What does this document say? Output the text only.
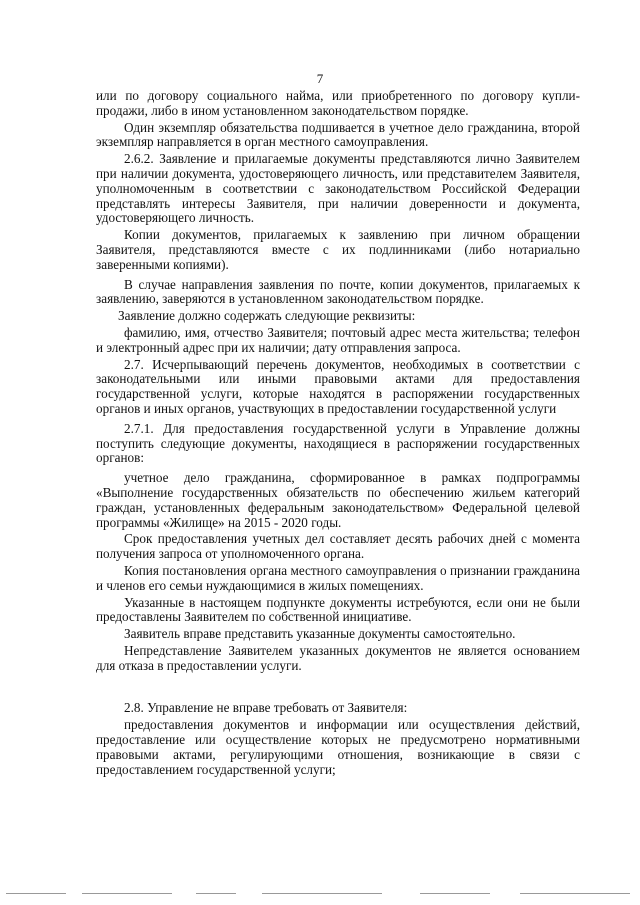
7

или по договору социального найма, или приобретенного по договору купли-продажи, либо в ином установленном законодательством порядке.

Один экземпляр обязательства подшивается в учетное дело гражданина, второй экземпляр направляется в орган местного самоуправления.

2.6.2. Заявление и прилагаемые документы представляются лично Заявителем при наличии документа, удостоверяющего личность, или представителем Заявителя, уполномоченным в соответствии с законодательством Российской Федерации представлять интересы Заявителя, при наличии доверенности и документа, удостоверяющего личность.

Копии документов, прилагаемых к заявлению при личном обращении Заявителя, представляются вместе с их подлинниками (либо нотариально заверенными копиями).

В случае направления заявления по почте, копии документов, прилагаемых к заявлению, заверяются в установленном законодательством порядке.

Заявление должно содержать следующие реквизиты:

фамилию, имя, отчество Заявителя; почтовый адрес места жительства; телефон и электронный адрес при их наличии; дату отправления запроса.

2.7. Исчерпывающий перечень документов, необходимых в соответствии с законодательными или иными правовыми актами для предоставления государственной услуги, которые находятся в распоряжении государственных органов и иных органов, участвующих в предоставлении государственной услуги

2.7.1. Для предоставления государственной услуги в Управление должны поступить следующие документы, находящиеся в распоряжении государственных органов:

учетное дело гражданина, сформированное в рамках подпрограммы «Выполнение государственных обязательств по обеспечению жильем категорий граждан, установленных федеральным законодательством» Федеральной целевой программы «Жилище» на 2015 - 2020 годы.

Срок предоставления учетных дел составляет десять рабочих дней с момента получения запроса от уполномоченного органа.

Копия постановления органа местного самоуправления о признании гражданина и членов его семьи нуждающимися в жилых помещениях.

Указанные в настоящем подпункте документы истребуются, если они не были предоставлены Заявителем по собственной инициативе.

Заявитель вправе представить указанные документы самостоятельно.

Непредставление Заявителем указанных документов не является основанием для отказа в предоставлении услуги.

2.8. Управление не вправе требовать от Заявителя:

предоставления документов и информации или осуществления действий, предоставление или осуществление которых не предусмотрено нормативными правовыми актами, регулирующими отношения, возникающие в связи с предоставлением государственной услуги;
